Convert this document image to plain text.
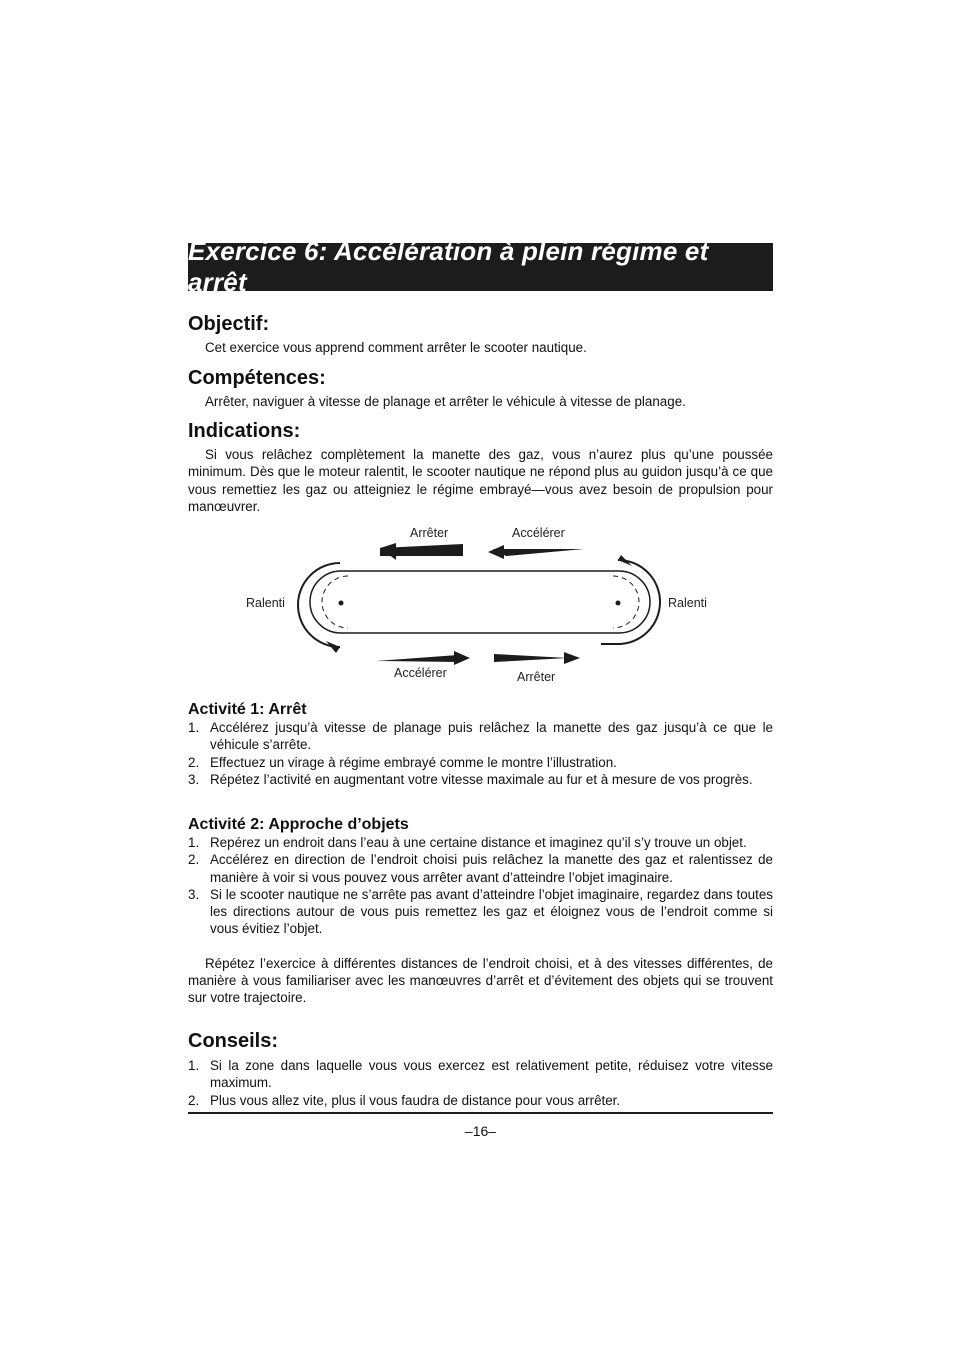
Exercice 6: Accélération à plein régime et arrêt
Objectif:

Cet exercice vous apprend comment arrêter le scooter nautique.

Compétences:

Arrêter, naviguer à vitesse de planage et arrêter le véhicule à vitesse de planage.

Indications:

Si vous relâchez complètement la manette des gaz, vous n’aurez plus qu’une poussée minimum. Dès que le moteur ralentit, le scooter nautique ne répond plus au guidon jusqu’à ce que vous remettiez les gaz ou atteigniez le régime embrayé—vous avez besoin de propulsion pour manœuvrer.

Arrêter	Accélérer
Ralenti	Ralenti
Accélérer	Arrêter
Activité 1: Arrêt
1. Accélérez jusqu’à vitesse de planage puis relâchez la manette des gaz jusqu’à ce que le véhicule s’arrête.
2. Effectuez un virage à régime embrayé comme le montre l’illustration.
3. Répétez l’activité en augmentant votre vitesse maximale au fur et à mesure de vos progrès.
Activité 2: Approche d’objets
1. Repérez un endroit dans l’eau à une certaine distance et imaginez qu’il s’y trouve un objet.
2. Accélérez en direction de l’endroit choisi puis relâchez la manette des gaz et ralentissez de manière à voir si vous pouvez vous arrêter avant d’atteindre l’objet imaginaire.
3. Si le scooter nautique ne s’arrête pas avant d’atteindre l’objet imaginaire, regardez dans toutes les directions autour de vous puis remettez les gaz et éloignez vous de l’endroit comme si vous évitiez l’objet.

Répétez l’exercice à différentes distances de l’endroit choisi, et à des vitesses différentes, de manière à vous familiariser avec les manœuvres d’arrêt et d’évitement des objets qui se trouvent sur votre trajectoire.

Conseils:
1. Si la zone dans laquelle vous vous exercez est relativement petite, réduisez votre vitesse maximum.
2. Plus vous allez vite, plus il vous faudra de distance pour vous arrêter.
–16–
